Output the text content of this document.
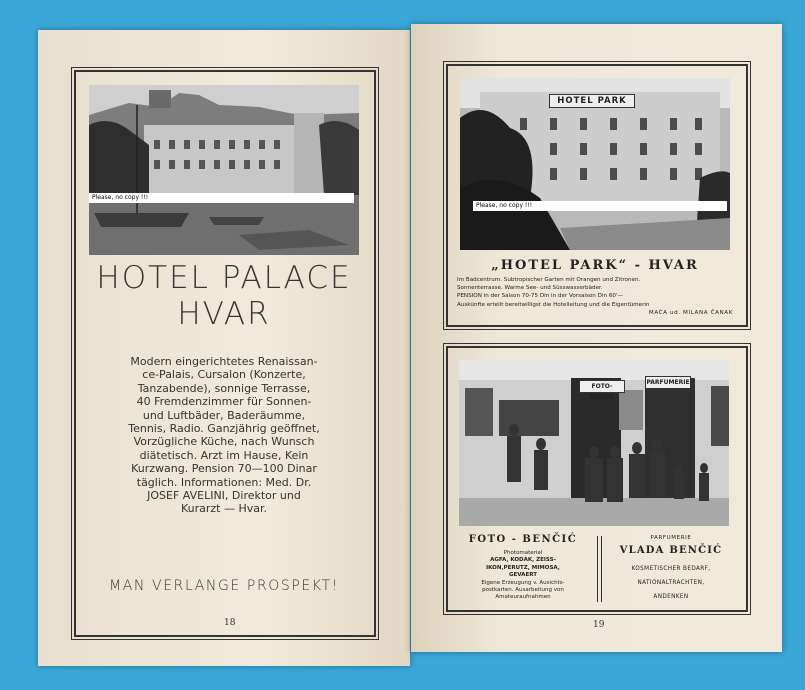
Please, no copy !!!
HOTEL PALACE
HVAR
Modern eingerichtetes Renaissan-
ce-Palais, Cursalon (Konzerte,
Tanzabende), sonnige Terrasse,
40 Fremdenzimmer für Sonnen-
und Luftbäder, Baderäumme,
Tennis, Radio. Ganzjährig geöffnet,
Vorzügliche Küche, nach Wunsch
diätetisch. Arzt im Hause, Kein
Kurzwang. Pension 70—100 Dinar
täglich. Informationen: Med. Dr.
JOSEF AVELINI, Direktor und
Kurarzt — Hvar.
MAN VERLANGE PROSPEKT!
18
HOTEL PARK
Please, no copy !!!
„HOTEL PARK“ - HVAR
Im Badcentrum. Subtropischer Garten mit Orangen und Zitronen.
Sonnenterrasse. Warme See- und Süsswasserbäder.
PENSION in der Saison 70-75 Din in der Vorsaison Din 60'—
Auskünfte erteilt bereitwilligst die Hotelleitung und die Eigentümerin
MAĆA ud. MILANA ČANAK
FOTO-BENČIĆ
PARFUMERIE
FOTO - BENČIĆ
Photomaterial
AGFA, KODAK, ZEISS-
IKON,PERUTZ, MIMOSA,
GEVAERT
Eigene Erzeugung v. Ausichts-
postkarten. Ausarbeitung von
Amateuraufnahmen
PARFUMERIE
VLADA BENČIĆ
KOSMETISCHER BEDARF,
NATIONALTRACHTEN,
ANDENKEN
19
